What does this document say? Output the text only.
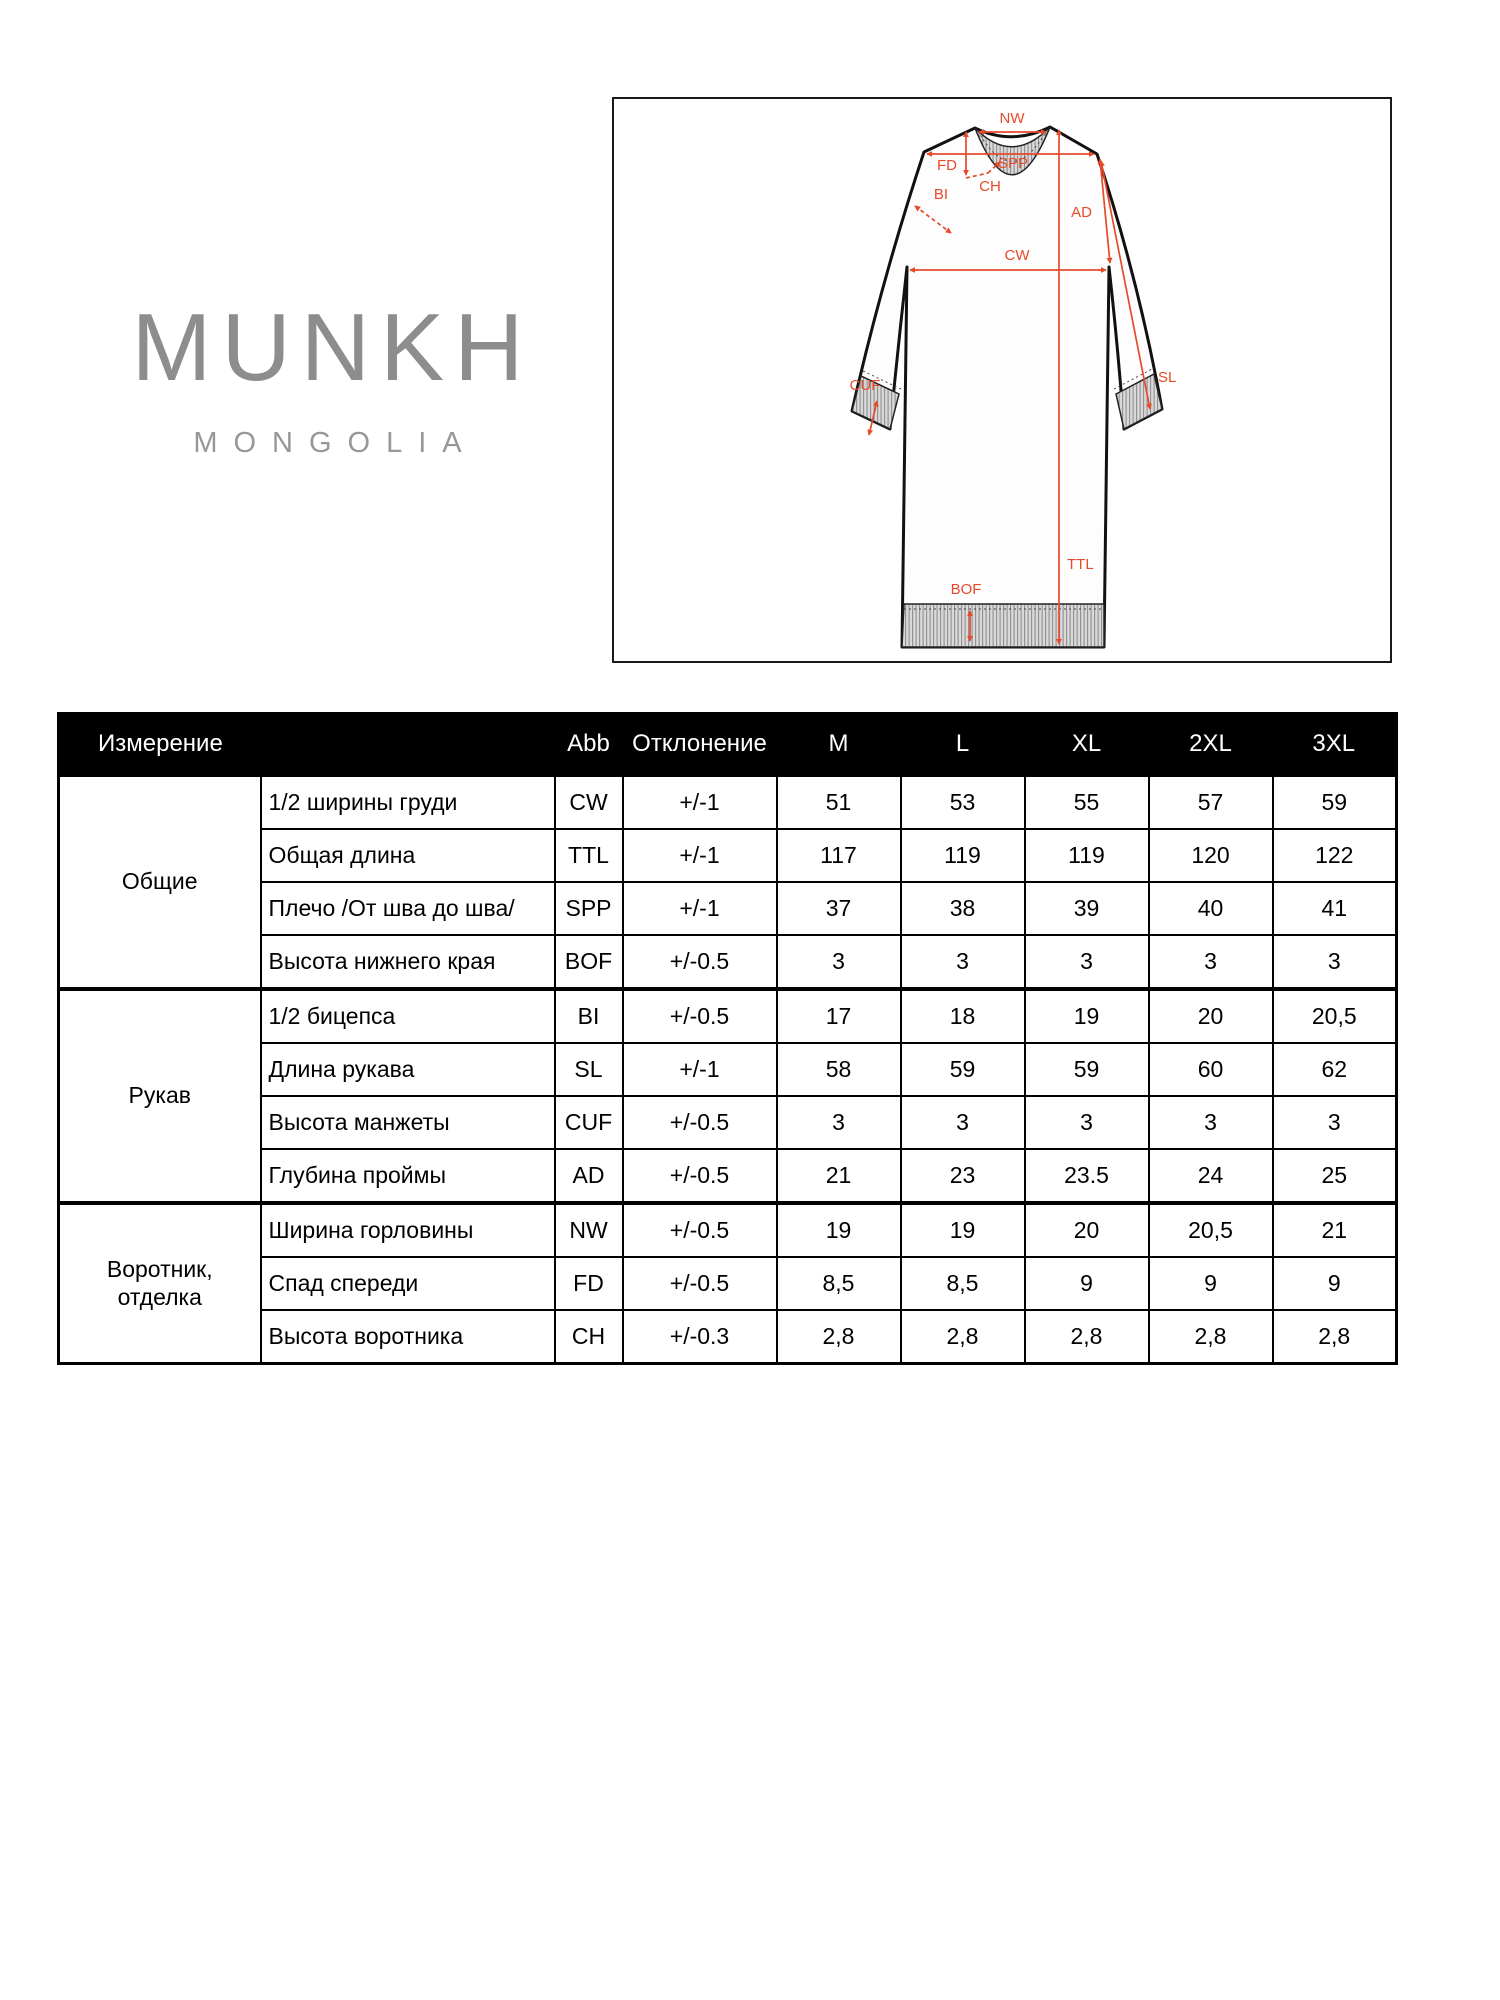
MUNKH
MONGOLIA
NW
SPP
FD
CH
BI
AD
CW
SL
CUF
TTL
BOF
Измерение		Abb	Отклонение	M	L	XL	2XL	3XL
Общие	1/2 ширины груди	CW	+/-1	51	53	55	57	59
	Общая длина	TTL	+/-1	117	119	119	120	122
	Плечо /От шва до шва/	SPP	+/-1	37	38	39	40	41
	Высота нижнего края	BOF	+/-0.5	3	3	3	3	3
Рукав	1/2 бицепса	BI	+/-0.5	17	18	19	20	20,5
	Длина рукава	SL	+/-1	58	59	59	60	62
	Высота манжеты	CUF	+/-0.5	3	3	3	3	3
	Глубина проймы	AD	+/-0.5	21	23	23.5	24	25
Воротник, отделка	Ширина горловины	NW	+/-0.5	19	19	20	20,5	21
	Спад спереди	FD	+/-0.5	8,5	8,5	9	9	9
	Высота воротника	CH	+/-0.3	2,8	2,8	2,8	2,8	2,8
